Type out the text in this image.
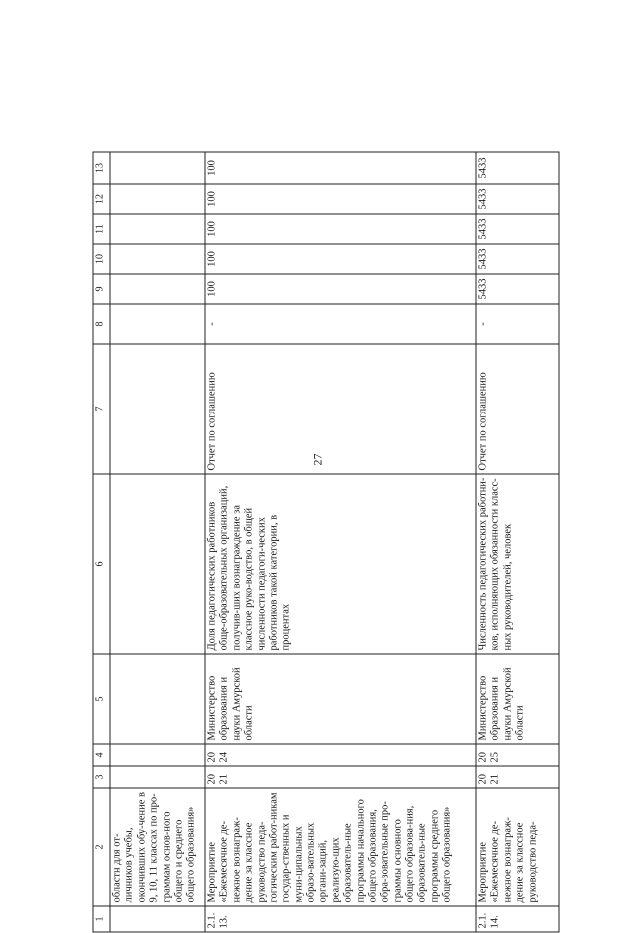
27
1	2	3	4	5	6	7	8	9	10	11	12	13
	областн для от-личников учебы, окончивших обу-чение в 9, 10, 11 классах по про-граммам основ-ного общего и среднего общего образования»											
2.1.13.	Мероприятие «Ежемесячное де-нежное вознаграж-дение за классное руководство педа-гогическим работ-никам государ-ственных и муни-ципальных образо-вательных органи-заций, реализую-щих образователь-ные программы начального общего образования, обра-зовательные про-граммы основного общего образова-ния, образователь-ные программы среднего общего образования»	2021	2024	Министерство образования и науки Амурской области	Доля педагогических работников обще-образовательных организаций, получив-ших вознаграждение за классное руко-водство, в общей численности педагоги-ческих работников такой категории, в процентах	Отчет по соглашению	-	100	100	100	100	100
2.1.14.	Мероприятие «Ежемесячное де-нежное вознаграж-дение за классное руководство педа-	2021	2025	Министерство образования и науки Амурской области	Численность педагогических работни-ков, исполняющих обязанности класс-ных руководителей, человек	Отчет по соглашению	-	5433	5433	5433	5433	5433
